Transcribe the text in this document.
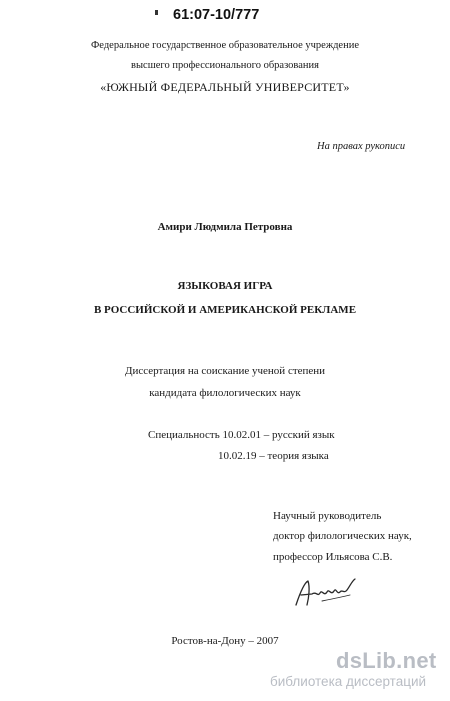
61:07-10/777
Федеральное государственное образовательное учреждение
высшего профессионального образования
«ЮЖНЫЙ ФЕДЕРАЛЬНЫЙ УНИВЕРСИТЕТ»
На правах рукописи
Амири Людмила Петровна
ЯЗЫКОВАЯ ИГРА
В РОССИЙСКОЙ И АМЕРИКАНСКОЙ РЕКЛАМЕ
Диссертация на соискание ученой степени
кандидата филологических наук
Специальность 10.02.01 – русский язык
10.02.19 – теория языка
Научный руководитель
доктор филологических наук,
профессор Ильясова С.В.
Ростов-на-Дону – 2007
dsLib.net
библиотека диссертаций
